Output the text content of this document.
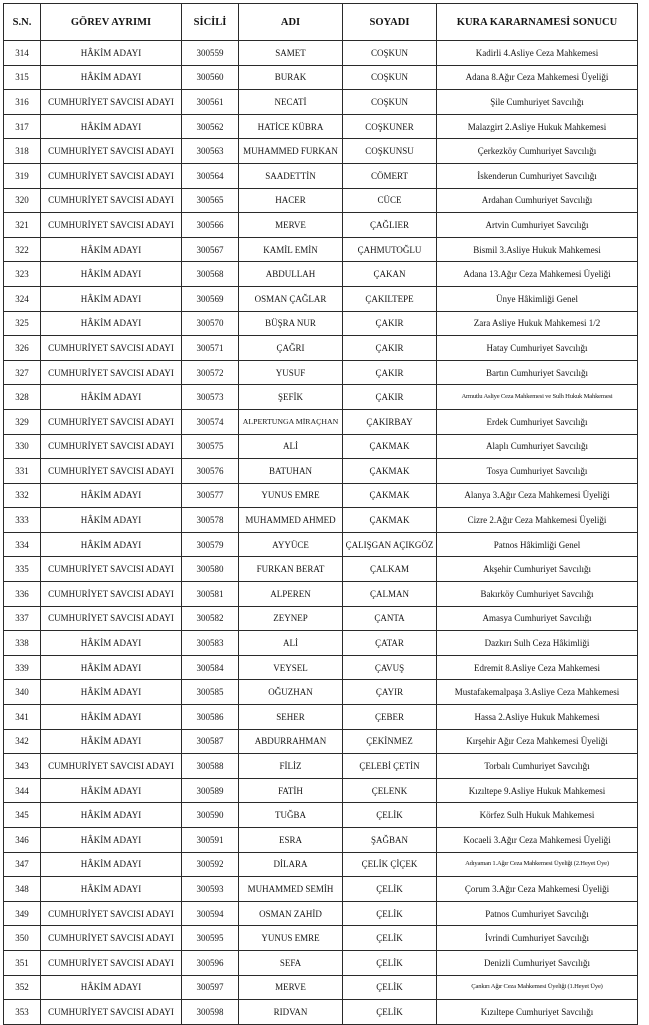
S.N.	GÖREV AYRIMI	SİCİLİ	ADI	SOYADI	KURA KARARNAMESİ SONUCU
314	HÂKİM ADAYI	300559	SAMET	COŞKUN	Kadirli 4.Asliye Ceza Mahkemesi
315	HÂKİM ADAYI	300560	BURAK	COŞKUN	Adana 8.Ağır Ceza Mahkemesi Üyeliği
316	CUMHURİYET SAVCISI ADAYI	300561	NECATİ	COŞKUN	Şile Cumhuriyet Savcılığı
317	HÂKİM ADAYI	300562	HATİCE KÜBRA	COŞKUNER	Malazgirt 2.Asliye Hukuk Mahkemesi
318	CUMHURİYET SAVCISI ADAYI	300563	MUHAMMED FURKAN	COŞKUNSU	Çerkezköy Cumhuriyet Savcılığı
319	CUMHURİYET SAVCISI ADAYI	300564	SAADETTİN	CÖMERT	İskenderun Cumhuriyet Savcılığı
320	CUMHURİYET SAVCISI ADAYI	300565	HACER	CÜCE	Ardahan Cumhuriyet Savcılığı
321	CUMHURİYET SAVCISI ADAYI	300566	MERVE	ÇAĞLIER	Artvin Cumhuriyet Savcılığı
322	HÂKİM ADAYI	300567	KAMİL EMİN	ÇAHMUTOĞLU	Bismil 3.Asliye Hukuk Mahkemesi
323	HÂKİM ADAYI	300568	ABDULLAH	ÇAKAN	Adana 13.Ağır Ceza Mahkemesi Üyeliği
324	HÂKİM ADAYI	300569	OSMAN ÇAĞLAR	ÇAKILTEPE	Ünye Hâkimliği Genel
325	HÂKİM ADAYI	300570	BÜŞRA NUR	ÇAKIR	Zara Asliye Hukuk Mahkemesi 1/2
326	CUMHURİYET SAVCISI ADAYI	300571	ÇAĞRI	ÇAKIR	Hatay Cumhuriyet Savcılığı
327	CUMHURİYET SAVCISI ADAYI	300572	YUSUF	ÇAKIR	Bartın Cumhuriyet Savcılığı
328	HÂKİM ADAYI	300573	ŞEFİK	ÇAKIR	Armutlu Asliye Ceza Mahkemesi ve Sulh Hukuk Mahkemesi
329	CUMHURİYET SAVCISI ADAYI	300574	ALPERTUNGA MİRAÇHAN	ÇAKIRBAY	Erdek Cumhuriyet Savcılığı
330	CUMHURİYET SAVCISI ADAYI	300575	ALİ	ÇAKMAK	Alaplı Cumhuriyet Savcılığı
331	CUMHURİYET SAVCISI ADAYI	300576	BATUHAN	ÇAKMAK	Tosya Cumhuriyet Savcılığı
332	HÂKİM ADAYI	300577	YUNUS EMRE	ÇAKMAK	Alanya 3.Ağır Ceza Mahkemesi Üyeliği
333	HÂKİM ADAYI	300578	MUHAMMED AHMED	ÇAKMAK	Cizre 2.Ağır Ceza Mahkemesi Üyeliği
334	HÂKİM ADAYI	300579	AYYÜCE	ÇALIŞGAN AÇIKGÖZ	Patnos Hâkimliği Genel
335	CUMHURİYET SAVCISI ADAYI	300580	FURKAN BERAT	ÇALKAM	Akşehir Cumhuriyet Savcılığı
336	CUMHURİYET SAVCISI ADAYI	300581	ALPEREN	ÇALMAN	Bakırköy Cumhuriyet Savcılığı
337	CUMHURİYET SAVCISI ADAYI	300582	ZEYNEP	ÇANTA	Amasya Cumhuriyet Savcılığı
338	HÂKİM ADAYI	300583	ALİ	ÇATAR	Dazkırı Sulh Ceza Hâkimliği
339	HÂKİM ADAYI	300584	VEYSEL	ÇAVUŞ	Edremit 8.Asliye Ceza Mahkemesi
340	HÂKİM ADAYI	300585	OĞUZHAN	ÇAYIR	Mustafakemalpaşa 3.Asliye Ceza Mahkemesi
341	HÂKİM ADAYI	300586	SEHER	ÇEBER	Hassa 2.Asliye Hukuk Mahkemesi
342	HÂKİM ADAYI	300587	ABDURRAHMAN	ÇEKİNMEZ	Kırşehir Ağır Ceza Mahkemesi Üyeliği
343	CUMHURİYET SAVCISI ADAYI	300588	FİLİZ	ÇELEBİ ÇETİN	Torbalı Cumhuriyet Savcılığı
344	HÂKİM ADAYI	300589	FATİH	ÇELENK	Kızıltepe 9.Asliye Hukuk Mahkemesi
345	HÂKİM ADAYI	300590	TUĞBA	ÇELİK	Körfez Sulh Hukuk Mahkemesi
346	HÂKİM ADAYI	300591	ESRA	ŞAĞBAN	Kocaeli 3.Ağır Ceza Mahkemesi Üyeliği
347	HÂKİM ADAYI	300592	DİLARA	ÇELİK ÇİÇEK	Adıyaman 1.Ağır Ceza Mahkemesi Üyeliği (2.Heyet Üye)
348	HÂKİM ADAYI	300593	MUHAMMED SEMİH	ÇELİK	Çorum 3.Ağır Ceza Mahkemesi Üyeliği
349	CUMHURİYET SAVCISI ADAYI	300594	OSMAN ZAHİD	ÇELİK	Patnos Cumhuriyet Savcılığı
350	CUMHURİYET SAVCISI ADAYI	300595	YUNUS EMRE	ÇELİK	İvrindi Cumhuriyet Savcılığı
351	CUMHURİYET SAVCISI ADAYI	300596	SEFA	ÇELİK	Denizli Cumhuriyet Savcılığı
352	HÂKİM ADAYI	300597	MERVE	ÇELİK	Çankırı Ağır Ceza Mahkemesi Üyeliği (1.Heyet Üye)
353	CUMHURİYET SAVCISI ADAYI	300598	RIDVAN	ÇELİK	Kızıltepe Cumhuriyet Savcılığı
